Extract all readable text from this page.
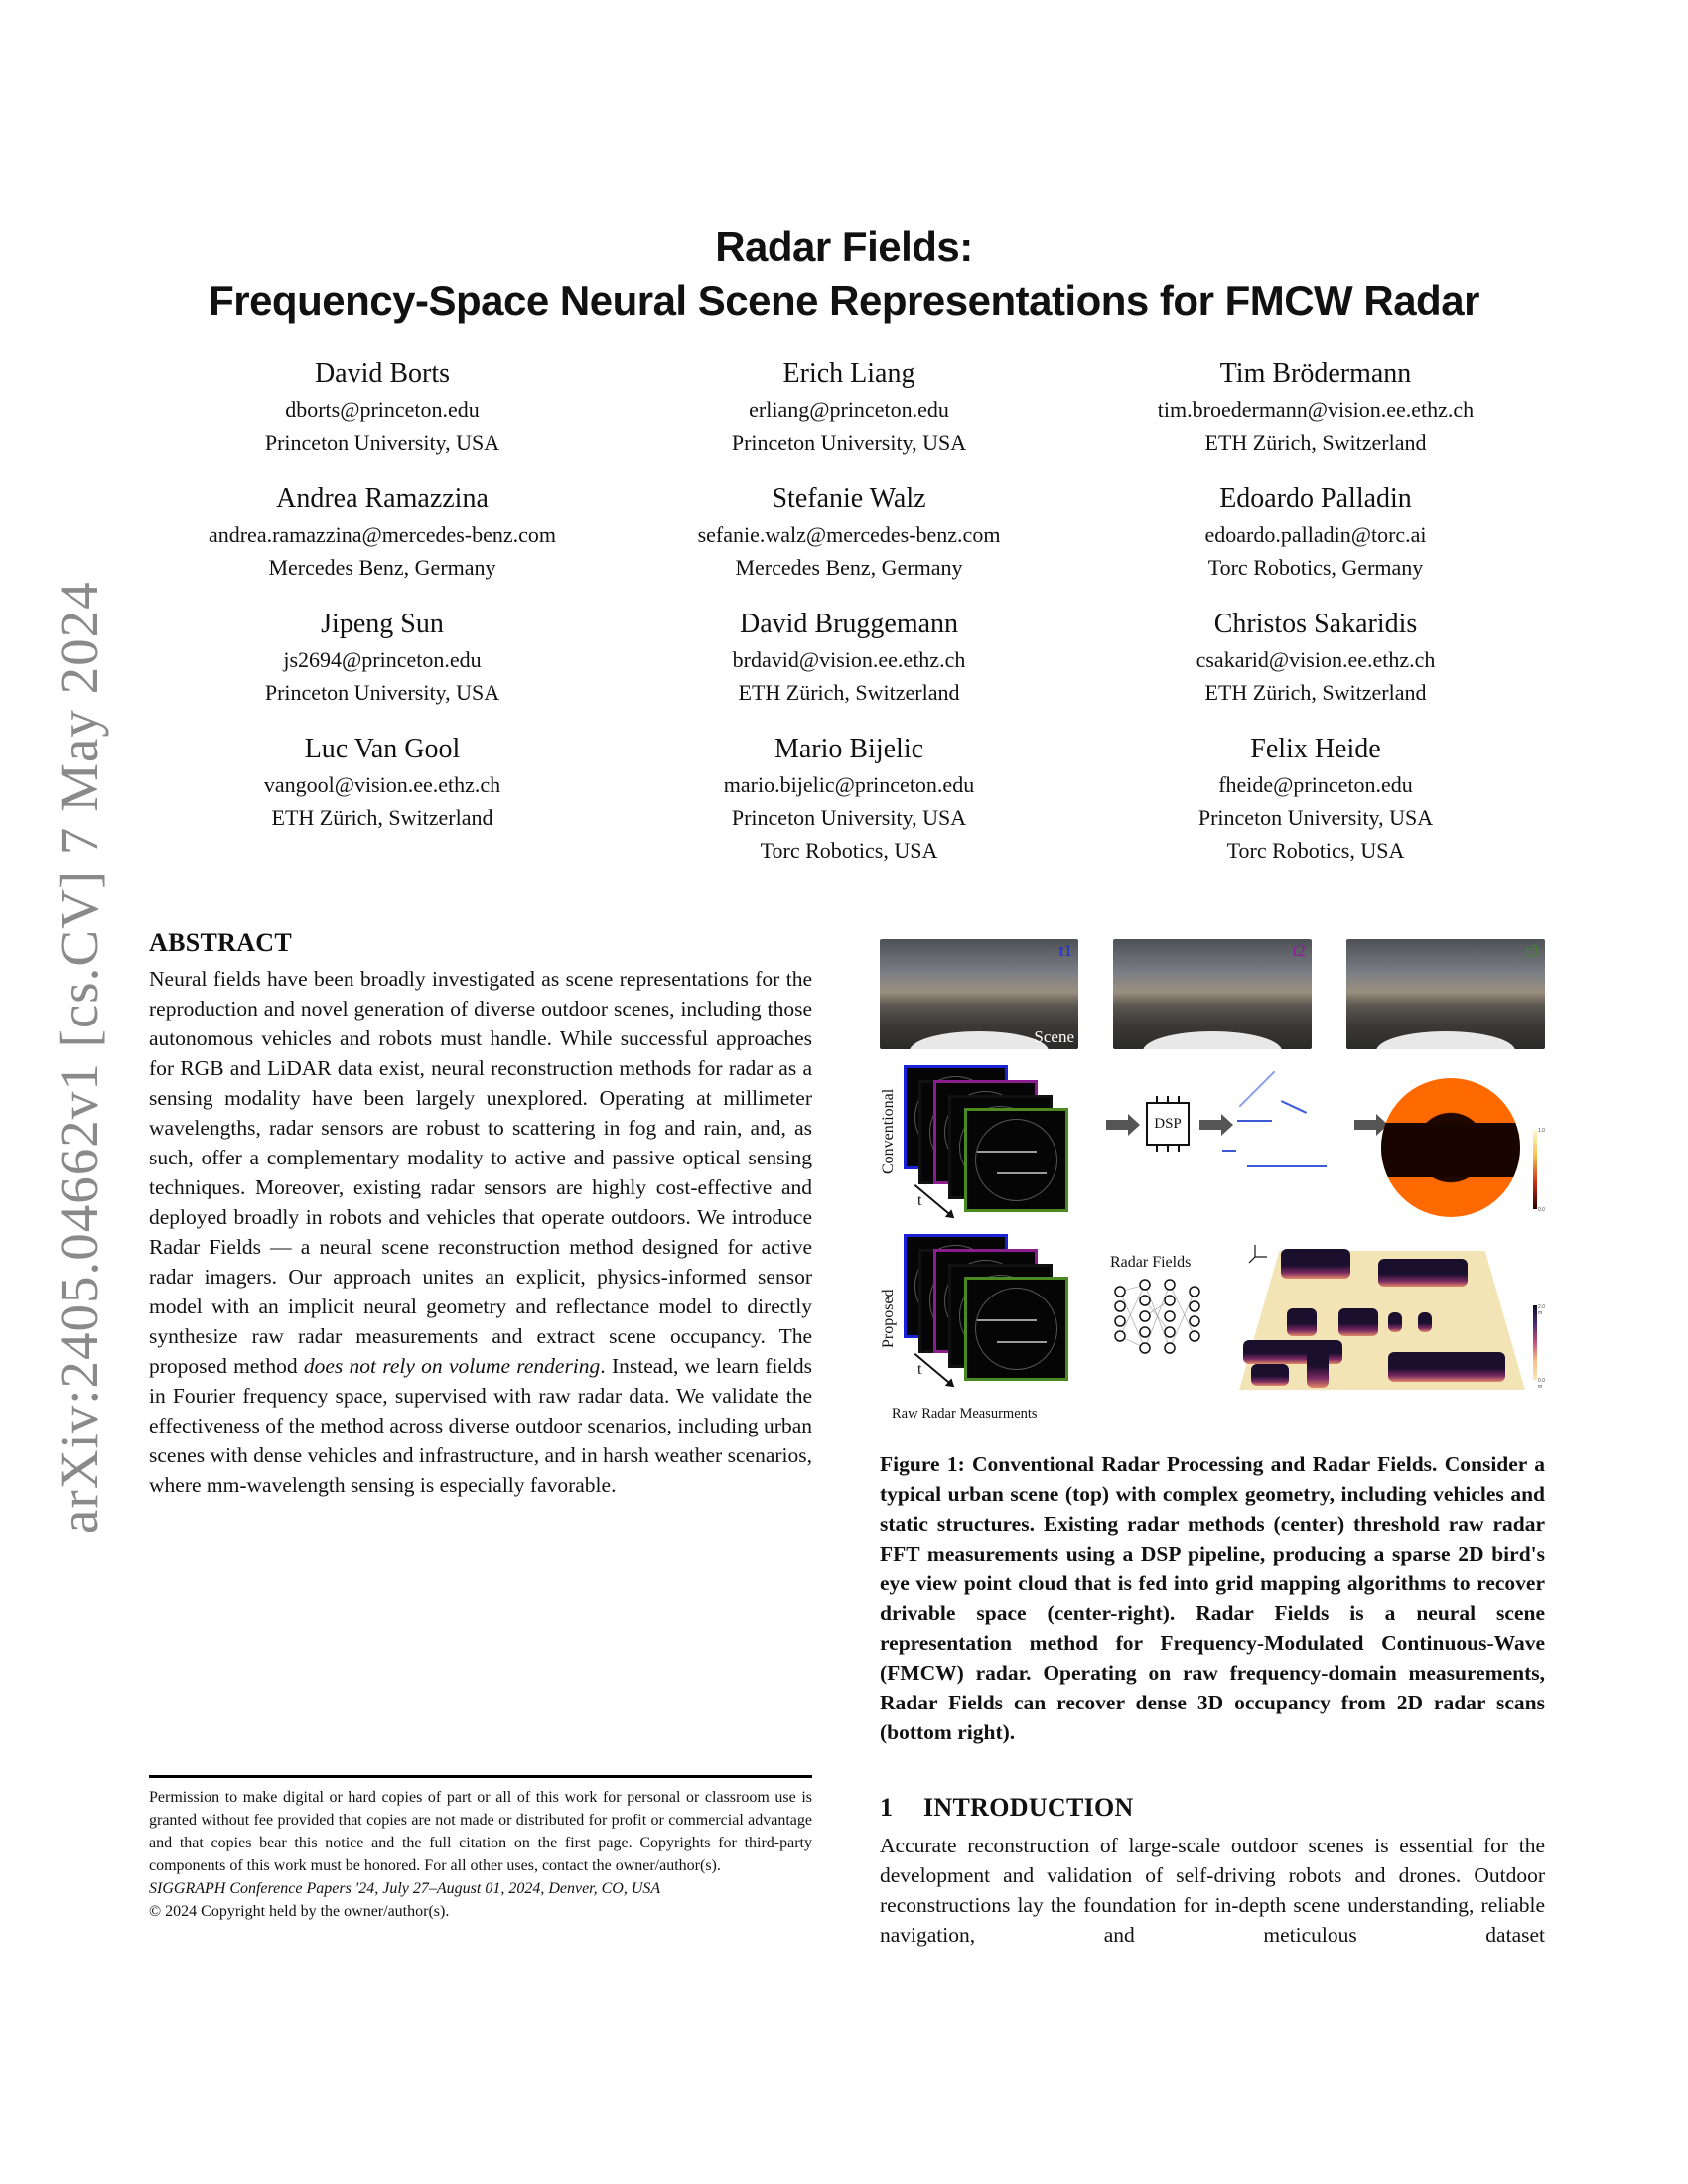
arXiv:2405.04662v1 [cs.CV] 7 May 2024
Radar Fields:
Frequency-Space Neural Scene Representations for FMCW Radar
David Borts
dborts@princeton.edu
Princeton University, USA
Erich Liang
erliang@princeton.edu
Princeton University, USA
Tim Brödermann
tim.broedermann@vision.ee.ethz.ch
ETH Zürich, Switzerland
Andrea Ramazzina
andrea.ramazzina@mercedes-benz.com
Mercedes Benz, Germany
Stefanie Walz
sefanie.walz@mercedes-benz.com
Mercedes Benz, Germany
Edoardo Palladin
edoardo.palladin@torc.ai
Torc Robotics, Germany
Jipeng Sun
js2694@princeton.edu
Princeton University, USA
David Bruggemann
brdavid@vision.ee.ethz.ch
ETH Zürich, Switzerland
Christos Sakaridis
csakarid@vision.ee.ethz.ch
ETH Zürich, Switzerland
Luc Van Gool
vangool@vision.ee.ethz.ch
ETH Zürich, Switzerland
Mario Bijelic
mario.bijelic@princeton.edu
Princeton University, USA
Torc Robotics, USA
Felix Heide
fheide@princeton.edu
Princeton University, USA
Torc Robotics, USA
ABSTRACT
Neural fields have been broadly investigated as scene representations for the reproduction and novel generation of diverse outdoor scenes, including those autonomous vehicles and robots must handle. While successful approaches for RGB and LiDAR data exist, neural reconstruction methods for radar as a sensing modality have been largely unexplored. Operating at millimeter wavelengths, radar sensors are robust to scattering in fog and rain, and, as such, offer a complementary modality to active and passive optical sensing techniques. Moreover, existing radar sensors are highly cost-effective and deployed broadly in robots and vehicles that operate outdoors. We introduce Radar Fields — a neural scene reconstruction method designed for active radar imagers. Our approach unites an explicit, physics-informed sensor model with an implicit neural geometry and reflectance model to directly synthesize raw radar measurements and extract scene occupancy. The proposed method does not rely on volume rendering. Instead, we learn fields in Fourier frequency space, supervised with raw radar data. We validate the effectiveness of the method across diverse outdoor scenarios, including urban scenes with dense vehicles and infrastructure, and in harsh weather scenarios, where mm-wavelength sensing is especially favorable.

Permission to make digital or hard copies of part or all of this work for personal or classroom use is granted without fee provided that copies are not made or distributed for profit or commercial advantage and that copies bear this notice and the full citation on the first page. Copyrights for third-party components of this work must be honored. For all other uses, contact the owner/author(s).

SIGGRAPH Conference Papers '24, July 27–August 01, 2024, Denver, CO, USA

© 2024 Copyright held by the owner/author(s).

t1
Scene
t2	t3
Conventional
t
DSP	1.0
0.0
Proposed
t
Radar Fields
2.0 m
0.0 m
Raw Radar Measurments
Figure 1: Conventional Radar Processing and Radar Fields. Consider a typical urban scene (top) with complex geometry, including vehicles and static structures. Existing radar methods (center) threshold raw radar FFT measurements using a DSP pipeline, producing a sparse 2D bird's eye view point cloud that is fed into grid mapping algorithms to recover drivable space (center-right). Radar Fields is a neural scene representation method for Frequency-Modulated Continuous-Wave (FMCW) radar. Operating on raw frequency-domain measurements, Radar Fields can recover dense 3D occupancy from 2D radar scans (bottom right).
1 INTRODUCTION
Accurate reconstruction of large-scale outdoor scenes is essential for the development and validation of self-driving robots and drones. Outdoor reconstructions lay the foundation for in-depth scene understanding, reliable navigation, and meticulous dataset
